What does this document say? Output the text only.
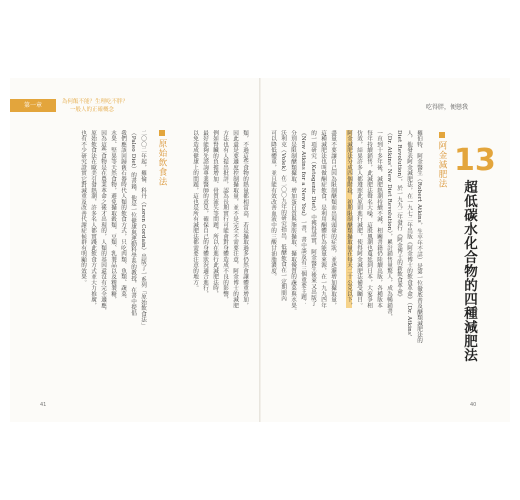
第一章	為何飯不能？生理吃不胖？
一般人的正確概念	吃得胖，便戀我
13
超低碳水化合物的四種減肥法
阿金減肥法
羅伯特．阿金醫生（Robert Atkins，生卒年不詳）是第一位徹底普及醣類減肥法的
人，他發表阿金減肥法，在一九七二年出版《阿金博士的飲食革命》（Dr. Atkins'
Diet Revolution），於一九九二年發行《阿金博士的新飲食革命》
（Dr. Atkins' New Diet Revolution），累計銷售量驚人，成為暢銷書，
一直到十多年後，減肥熱潮持續不減，相關書籍仍陸續出版，各種版本
每年持續銷售，此減肥法聲名大噪，這股風潮也蔓延到日本，大家爭相
仿效，結果許多人都遵照此原則進行減肥，使得阿金減肥法備受矚目。
阿金減肥法分成四個階段，初期限制醣類攝取量在每天二十公克以下，
盡量不要讓自己因為限制醣類而出現頭暈的症狀，並逐漸增加攝取量，
這種減肥法也叫做酮症飲食，是利用酮體作為能量來源，在一九九四年
的一項研究（Ketogenic Diet）中獲得證實，阿金醫生後來又出版了
《New Atkins for a New You》一書，書中談及有三個重要主題：
分別是限制醣類攝取、增加蛋白質與脂肪攝取、攝取優質的蔬菜與水果。
沃利克（Volek）在二〇〇九年的研究指出，低醣飲食在一定期間內
可以降低體重，並且能有效改善血液中的三酸甘油脂濃度。
類，不過這些食物的熱量都相當高，若是攝取過多仍然會讓體重增加，
因此還是要適度控制攝取量，並不是完全不需要注意，阿金博士的減肥
方法也有人提出批評，認為長期實行可能會對身體造成不良的影響，
例如腎臟的負擔增加、骨質流失等問題，所以在進行此減肥法時，
最好能夠先諮詢專業醫師的意見，確保自己的身體狀況適合進行，
以免造成健康上的問題，這也是所有減肥法都需要注意的地方。
原始飲食法
二〇〇二年起，羅倫．科丹（Loren Cordain）出版了一系列「原始飲食法」
（Paleo Diet）的書籍，他是一位健康與運動科學系的教授，在書中提倡
我們應該回歸舊石器時代人類的飲食方式，只吃肉類、魚類、蔬菜、
水果、堅果等天然食物，避免攝取穀類、豆類、乳製品以及精製糖，
因為這些食物是在農業革命之後才出現的，人類的基因還沒有完全適應，
原始飲食法在歐美引發熱潮，許多名人都實踐此飲食方式並大力推廣，
也有不少研究證實它對減重及改善代謝症候群有明顯的效果。
41	40
